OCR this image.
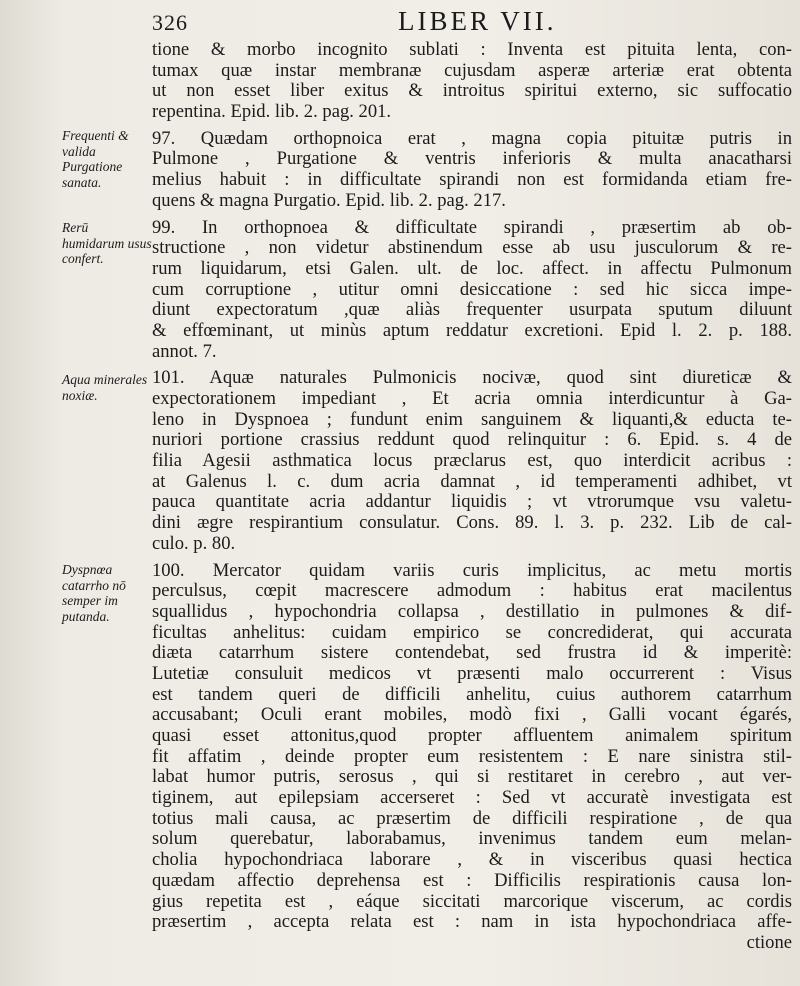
326	LIBER VII.
Frequenti & valida Purgatione sanata.
Rerū humidarum usus confert.
Aqua minerales noxiæ.
Dyspnœa catarrho nō semper im putanda.
tione & morbo incognito sublati : Inventa est pituita lenta, con-
tumax quæ instar membranæ cujusdam asperæ arteriæ erat obtenta
ut non esset liber exitus & introitus spiritui externo, sic suffocatio
repentina. Epid. lib. 2. pag. 201.
97. Quædam orthopnoica erat , magna copia pituitæ putris in
Pulmone , Purgatione & ventris inferioris & multa anacatharsi
melius habuit : in difficultate spirandi non est formidanda etiam fre-
quens & magna Purgatio. Epid. lib. 2. pag. 217.
99. In orthopnoea & difficultate spirandi , præsertim ab ob-
structione , non videtur abstinendum esse ab usu jusculorum & re-
rum liquidarum, etsi Galen. ult. de loc. affect. in affectu Pulmonum
cum corruptione , utitur omni desiccatione : sed hic sicca impe-
diunt expectoratum ,quæ aliàs frequenter usurpata sputum diluunt
& effœminant, ut minùs aptum reddatur excretioni. Epid l. 2. p. 188.
annot. 7.
101. Aquæ naturales Pulmonicis nocivæ, quod sint diureticæ &
expectorationem impediant , Et acria omnia interdicuntur à Ga-
leno in Dyspnoea ; fundunt enim sanguinem & liquanti,& educta te-
nuriori portione crassius reddunt quod relinquitur : 6. Epid. s. 4 de
filia Agesii asthmatica locus præclarus est, quo interdicit acribus :
at Galenus l. c. dum acria damnat , id temperamenti adhibet, vt
pauca quantitate acria addantur liquidis ; vt vtrorumque vsu valetu-
dini ægre respirantium consulatur. Cons. 89. l. 3. p. 232. Lib de cal-
culo. p. 80.
100. Mercator quidam variis curis implicitus, ac metu mortis
perculsus, cœpit macrescere admodum : habitus erat macilentus
squallidus , hypochondria collapsa , destillatio in pulmones & dif-
ficultas anhelitus: cuidam empirico se concrediderat, qui accurata
diæta catarrhum sistere contendebat, sed frustra id & imperitè:
Lutetiæ consuluit medicos vt præsenti malo occurrerent : Visus
est tandem queri de difficili anhelitu, cuius authorem catarrhum
accusabant; Oculi erant mobiles, modò fixi , Galli vocant égarés,
quasi esset attonitus,quod propter affluentem animalem spiritum
fit affatim , deinde propter eum resistentem : E nare sinistra stil-
labat humor putris, serosus , qui si restitaret in cerebro , aut ver-
tiginem, aut epilepsiam accerseret : Sed vt accuratè investigata est
totius mali causa, ac præsertim de difficili respiratione , de qua
solum querebatur, laborabamus, invenimus tandem eum melan-
cholia hypochondriaca laborare , & in visceribus quasi hectica
quædam affectio deprehensa est : Difficilis respirationis causa lon-
gius repetita est , eáque siccitati marcorique viscerum, ac cordis
præsertim , accepta relata est : nam in ista hypochondriaca affe-
ctione
